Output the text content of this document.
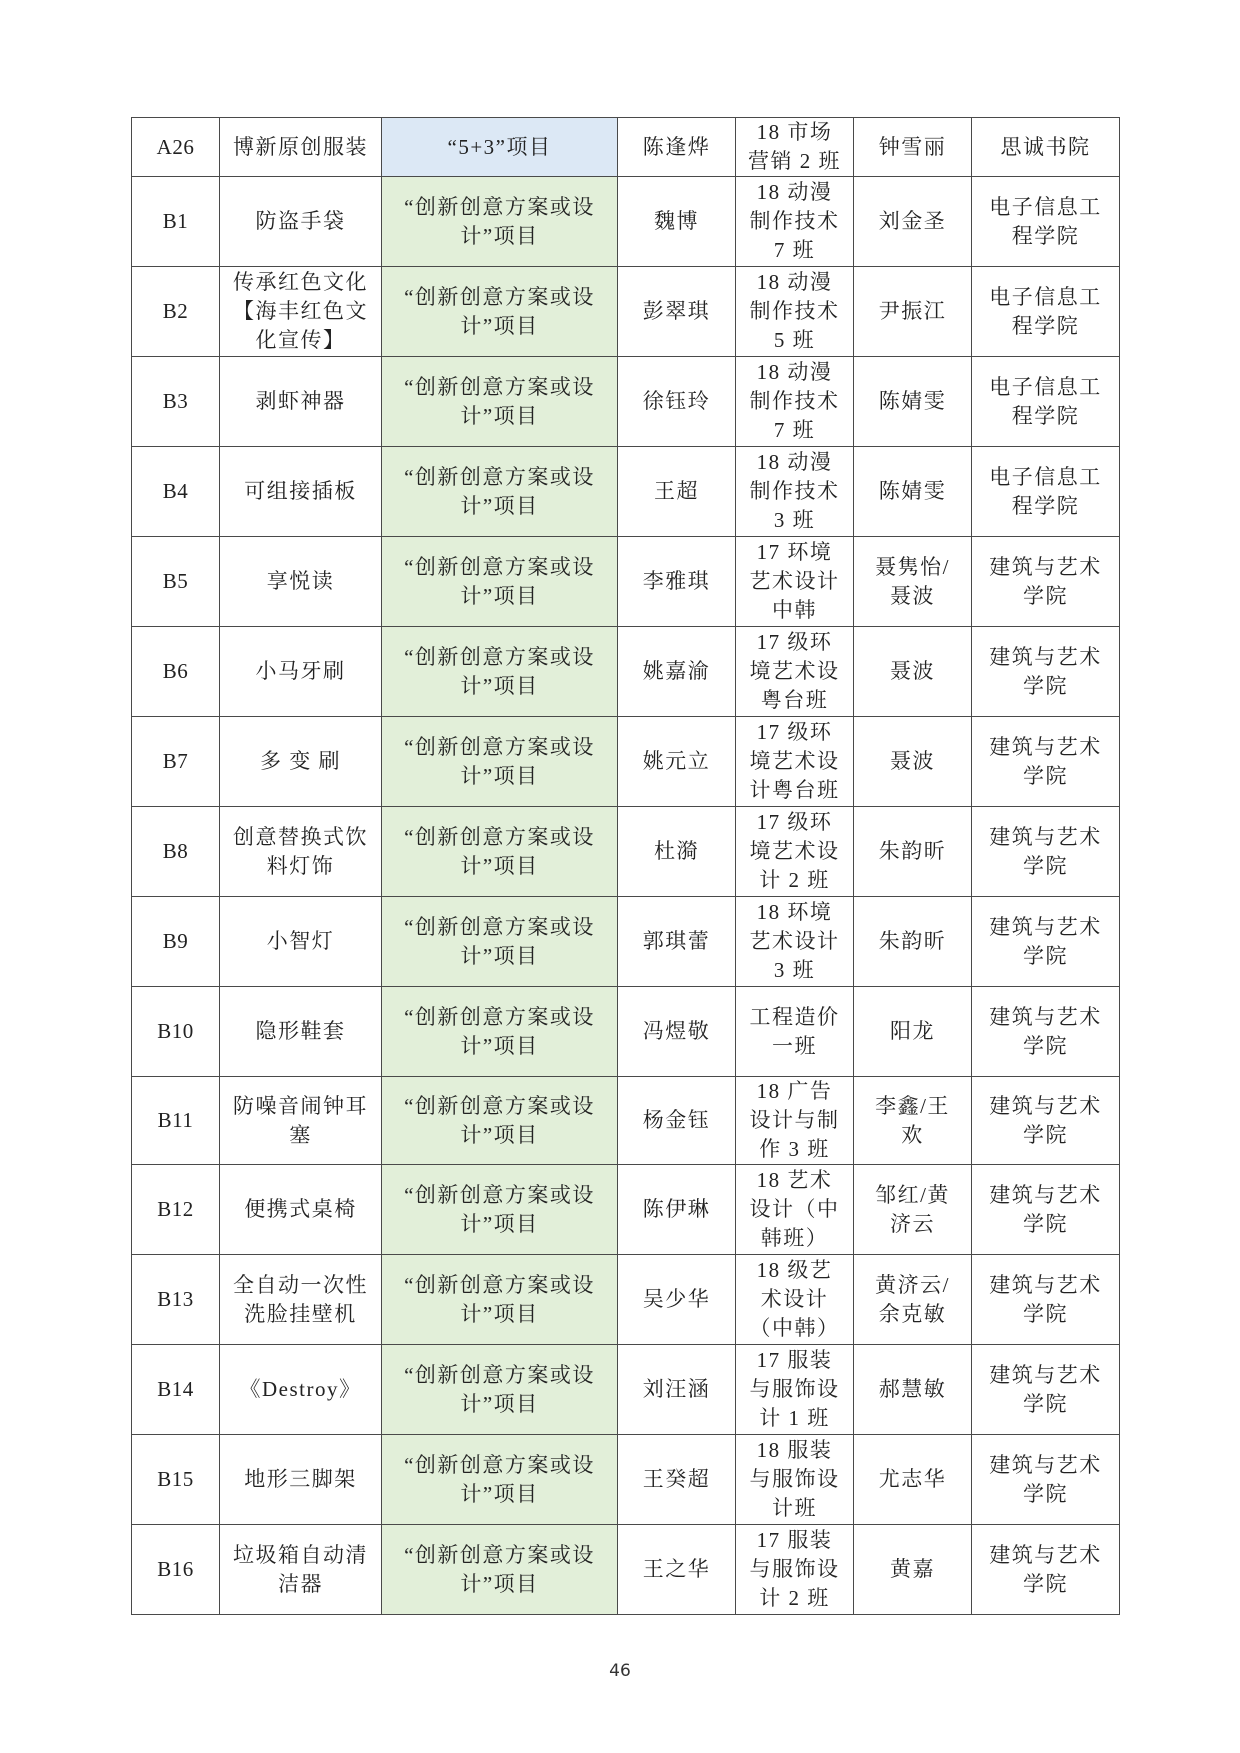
A26	博新原创服装	“5+3”项目	陈逢烨	18 市场
营销 2 班	钟雪丽	思诚书院
B1	防盗手袋	“创新创意方案或设
计”项目	魏博	18 动漫
制作技术
7 班	刘金圣	电子信息工
程学院
B2	传承红色文化
【海丰红色文
化宣传】	“创新创意方案或设
计”项目	彭翠琪	18 动漫
制作技术
5 班	尹振江	电子信息工
程学院
B3	剥虾神器	“创新创意方案或设
计”项目	徐钰玲	18 动漫
制作技术
7 班	陈婧雯	电子信息工
程学院
B4	可组接插板	“创新创意方案或设
计”项目	王超	18 动漫
制作技术
3 班	陈婧雯	电子信息工
程学院
B5	享悦读	“创新创意方案或设
计”项目	李雅琪	17 环境
艺术设计
中韩	聂隽怡/
聂波	建筑与艺术
学院
B6	小马牙刷	“创新创意方案或设
计”项目	姚嘉渝	17 级环
境艺术设
粤台班	聂波	建筑与艺术
学院
B7	多 变 刷	“创新创意方案或设
计”项目	姚元立	17 级环
境艺术设
计粤台班	聂波	建筑与艺术
学院
B8	创意替换式饮
料灯饰	“创新创意方案或设
计”项目	杜漪	17 级环
境艺术设
计 2 班	朱韵昕	建筑与艺术
学院
B9	小智灯	“创新创意方案或设
计”项目	郭琪蕾	18 环境
艺术设计
3 班	朱韵昕	建筑与艺术
学院
B10	隐形鞋套	“创新创意方案或设
计”项目	冯煜敬	工程造价
一班	阳龙	建筑与艺术
学院
B11	防噪音闹钟耳
塞	“创新创意方案或设
计”项目	杨金钰	18 广告
设计与制
作 3 班	李鑫/王
欢	建筑与艺术
学院
B12	便携式桌椅	“创新创意方案或设
计”项目	陈伊琳	18 艺术
设计（中
韩班）	邹红/黄
济云	建筑与艺术
学院
B13	全自动一次性
洗脸挂壁机	“创新创意方案或设
计”项目	吴少华	18 级艺
术设计
（中韩）	黄济云/
余克敏	建筑与艺术
学院
B14	《Destroy》	“创新创意方案或设
计”项目	刘汪涵	17 服装
与服饰设
计 1 班	郝慧敏	建筑与艺术
学院
B15	地形三脚架	“创新创意方案或设
计”项目	王癸超	18 服装
与服饰设
计班	尤志华	建筑与艺术
学院
B16	垃圾箱自动清
洁器	“创新创意方案或设
计”项目	王之华	17 服装
与服饰设
计 2 班	黄嘉	建筑与艺术
学院
46
